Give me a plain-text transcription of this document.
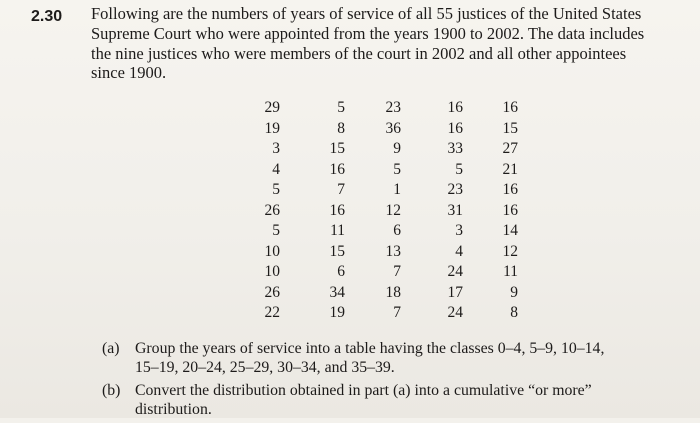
2.30 Following are the numbers of years of service of all 55 justices of the United States
Supreme Court who were appointed from the years 1900 to 2002. The data includes
the nine justices who were members of the court in 2002 and all other appointees
since 1900.
29
19
3
4
5
26
5
10
10
26
22
5
8
15
16
7
16
11
15
6
34
19
23
36
9
5
1
12
6
13
7
18
7
16
16
33
5
23
31
3
4
24
17
24
16
15
27
21
16
16
14
12
11
9
8
(a) Group the years of service into a table having the classes 0–4, 5–9, 10–14,
15–19, 20–24, 25–29, 30–34, and 35–39.
(b) Convert the distribution obtained in part (a) into a cumulative “or more”
distribution.
